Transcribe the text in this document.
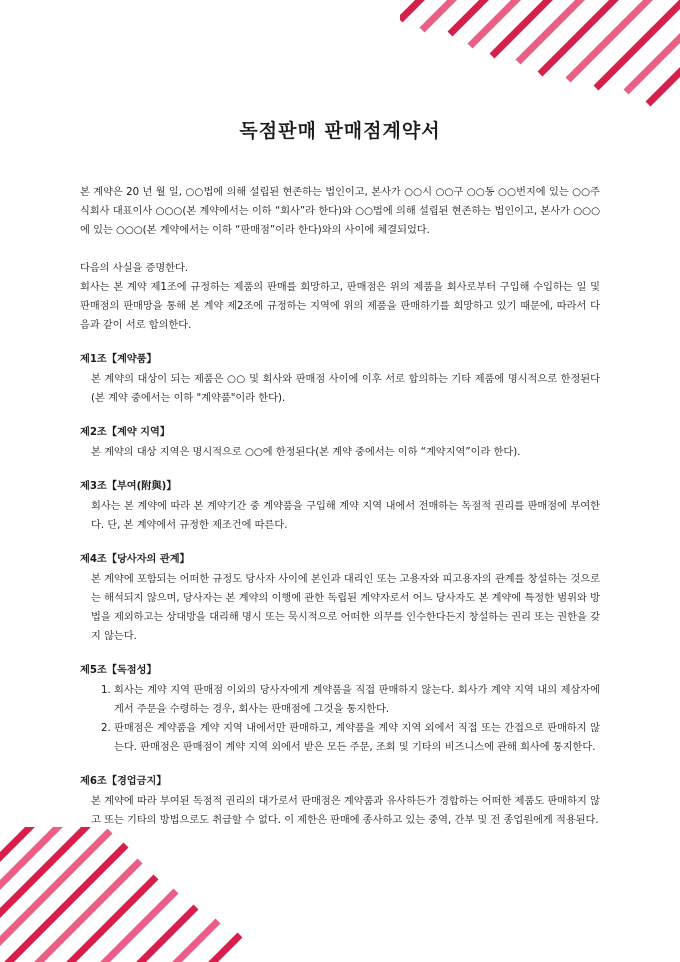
독점판매 판매점계약서

본 계약은 20 년 월 일, ○○법에 의해 설립된 현존하는 법인이고, 본사가 ○○시 ○○구 ○○동 ○○번지에 있는 ○○주식회사 대표이사 ○○○(본 계약에서는 이하 “회사”라 한다)와 ○○법에 의해 설립된 현존하는 법인이고, 본사가 ○○○에 있는 ○○○(본 계약에서는 이하 “판매점”이라 한다)와의 사이에 체결되었다.

다음의 사실을 증명한다.

회사는 본 계약 제1조에 규정하는 제품의 판매를 희망하고, 판매점은 위의 제품을 회사로부터 구입해 수입하는 일 및 판매점의 판매망을 통해 본 계약 제2조에 규정하는 지역에 위의 제품을 판매하기를 희망하고 있기 때문에, 따라서 다음과 같이 서로 합의한다.

제1조【계약품】

본 계약의 대상이 되는 제품은 ○○ 및 회사와 판매점 사이에 이후 서로 합의하는 기타 제품에 명시적으로 한정된다(본 계약 중에서는 이하 "계약품"이라 한다).

제2조【계약 지역】

본 계약의 대상 지역은 명시적으로 ○○에 한정된다(본 계약 중에서는 이하 “계약지역”이라 한다).

제3조【부여(附與)】

회사는 본 계약에 따라 본 계약기간 중 계약품을 구입해 계약 지역 내에서 전매하는 독점적 권리를 판매점에 부여한다. 단, 본 계약에서 규정한 제조건에 따른다.

제4조【당사자의 관계】

본 계약에 포함되는 어떠한 규정도 당사자 사이에 본인과 대리인 또는 고용자와 피고용자의 관계를 창설하는 것으로는 해석되지 않으며, 당사자는 본 계약의 이행에 관한 독립된 계약자로서 어느 당사자도 본 계약에 특정한 범위와 방법을 제외하고는 상대방을 대리해 명시 또는 묵시적으로 어떠한 의무를 인수한다든지 창설하는 권리 또는 권한을 갖지 않는다.

제5조【독점성】
1. 회사는 계약 지역 판매점 이외의 당사자에게 계약품을 직접 판매하지 않는다. 회사가 계약 지역 내의 제삼자에게서 주문을 수령하는 경우, 회사는 판매점에 그것을 통지한다.
2. 판매점은 계약품을 계약 지역 내에서만 판매하고, 계약품을 계약 지역 외에서 직접 또는 간접으로 판매하지 않는다. 판매점은 판매점이 계약 지역 외에서 받은 모든 주문, 조회 및 기타의 비즈니스에 관해 회사에 통지한다.
제6조【경업금지】

본 계약에 따라 부여된 독점적 권리의 대가로서 판매점은 계약품과 유사하든가 경합하는 어떠한 제품도 판매하지 않고 또는 기타의 방법으로도 취급할 수 없다. 이 제한은 판매에 종사하고 있는 중역, 간부 및 전 종업원에게 적용된다.
